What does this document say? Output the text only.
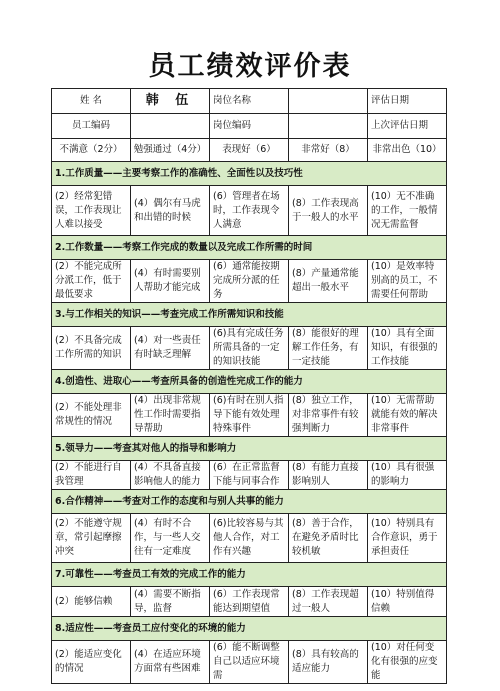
员工绩效评价表
姓 名	韩 伍	岗位名称		评估日期
员工编码		岗位编码		上次评估日期
不满意（2分）	勉强通过（4分）	表现好（6）	非常好（8）	非常出色（10）
1.工作质量——主要考察工作的准确性、全面性以及技巧性				
(2）经常犯错误，工作表现让人难以接受	(4）偶尔有马虎和出错的时候	(6）管理者在场时，工作表现令人满意	(8）工作表现高于一般人的水平	(10）无不准确的工作，一般情况无需监督
2.工作数量——考察工作完成的数量以及完成工作所需的时间				
(2）不能完成所分派工作，低于最低要求	(4）有时需要别人帮助才能完成	(6）通常能按期完成所分派的任务	(8）产量通常能超出一般水平	(10）是效率特别高的员工，不需要任何帮助
3.与工作相关的知识——考查完成工作所需知识和技能				
(2）不具备完成工作所需的知识	(4）对一些责任有时缺乏理解	(6)具有完成任务所需具备的一定的知识技能	(8）能很好的理解工作任务，有一定技能	(10）具有全面知识，有很强的工作技能
4.创造性、进取心——考查所具备的创造性完成工作的能力				
(2）不能处理非常规性的情况	(4）出现非常规性工作时需要指导帮助	(6)有时在别人指导下能有效处理特殊事件	(8）独立工作，对非常事件有较强判断力	(10）无需帮助就能有效的解决非常事件
5.领导力——考查其对他人的指导和影响力				
(2）不能进行自我管理	(4）不具备直接影响他人的能力	(6）在正常监督下能与同事合作	(8）有能力直接影响别人	(10）具有很强的影响力
6.合作精神——考查对工作的态度和与别人共事的能力				
(2）不能遵守规章，常引起摩擦冲突	(4）有时不合作，与一些人交往有一定难度	(6)比较容易与其他人合作，对工作有兴趣	(8）善于合作，在避免矛盾时比较机敏	(10）特别具有合作意识，勇于承担责任
7.可靠性——考查员工有效的完成工作的能力				
(2）能够信赖	(4）需要不断指导，监督	(6）工作表现常能达到期望值	(8）工作表现超过一般人	(10）特别值得信赖
8.适应性——考查员工应付变化的环境的能力				
(2）能适应变化的情况	(4）在适应环境方面常有些困难	(6）能不断调整自己以适应环境需	(8）具有较高的适应能力	(10）对任何变化有很强的应变能
